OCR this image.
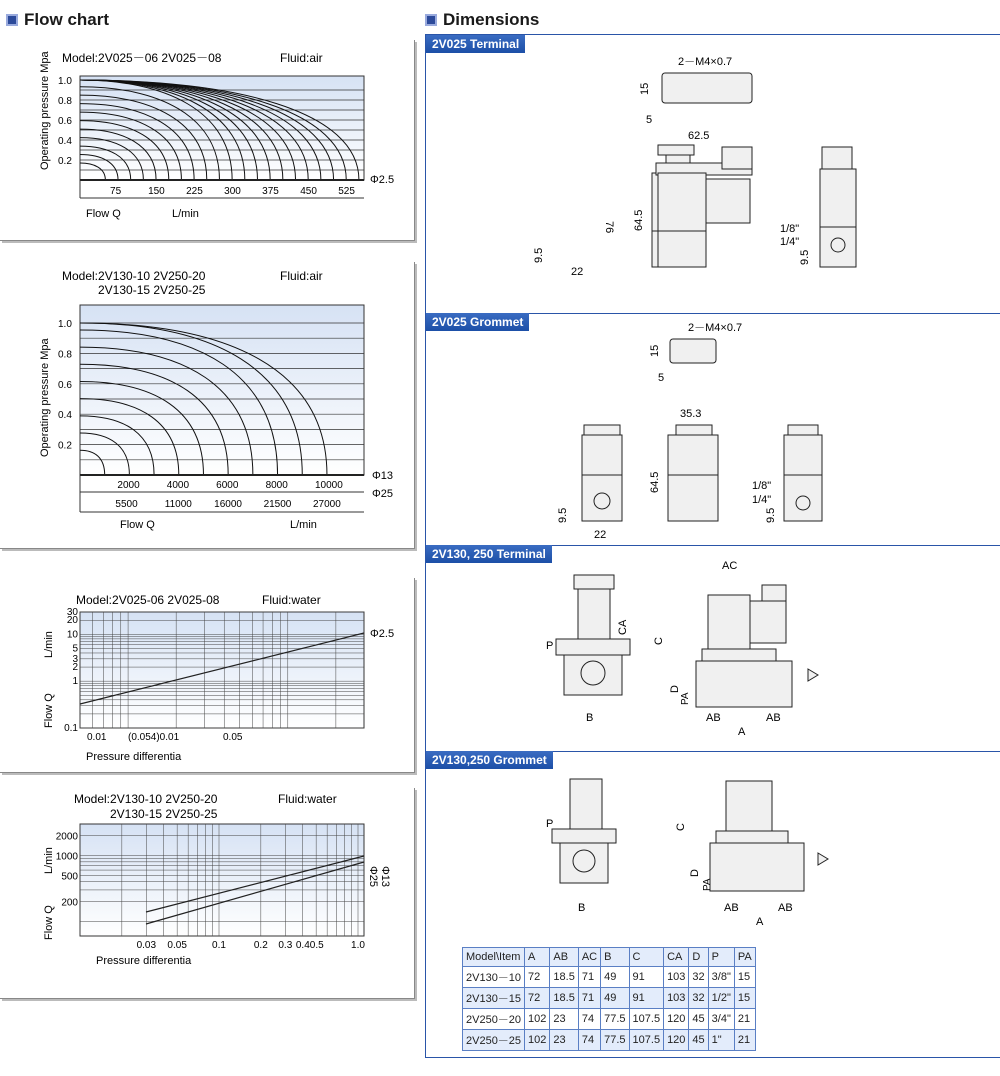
Flow chart	Dimensions
Model:2V025－06 2V025－08	Fluid:air
1.0
0.8
0.6
0.4
0.2
75	150 225 300 375 450 525
Φ2.5
Operating pressure Mpa
Flow Q	L/min
Model:2V130-10 2V250-20
2V130-15 2V250-25
Fluid:air
1.0
0.8
0.6
0.4
0.2
2000	4000	6000	8000	10000
5500	11000 16000 21500 27000
Φ13
Φ25
Operating pressure Mpa
Flow Q	L/min
Model:2V025-06 2V025-08	Fluid:water
Φ2.5
30
20
10
5
3
2
1
0.1
0.01 (0.054)0.01	0.05
Pressure differentia
L/min
Flow Q
Model:2V130-10 2V250-20
2V130-15 2V250-25
Fluid:water
Φ25 Φ13
2000
1000
500
200
0.03 0.05	0.1	0.2 0.3 0.40.5	1.0
Pressure differentia
L/min
Flow Q
2V025 Terminal
2－M4×0.7
15
5
62.5
76 64.5
9.5
22
1/8"
1/4"
9.5
2V025 Grommet	2－M4×0.7
15
5
35.3
64.5
9.5
22
1/8"
1/4"
9.5
2V130, 250 Terminal
AC
CA
P
B
C
D
PA
AB	AB
A
2V130,250 Grommet
P
B
C
D
PA
AB	AB
A
Model\Item	A	AB	AC	B	C	CA	D	P	PA
2V130－10	72	18.5	71	49	91	103	32	3/8"	15
2V130－15	72	18.5	71	49	91	103	32	1/2"	15
2V250－20	102	23	74	77.5	107.5	120	45	3/4"	21
2V250－25	102	23	74	77.5	107.5	120	45	1"	21
